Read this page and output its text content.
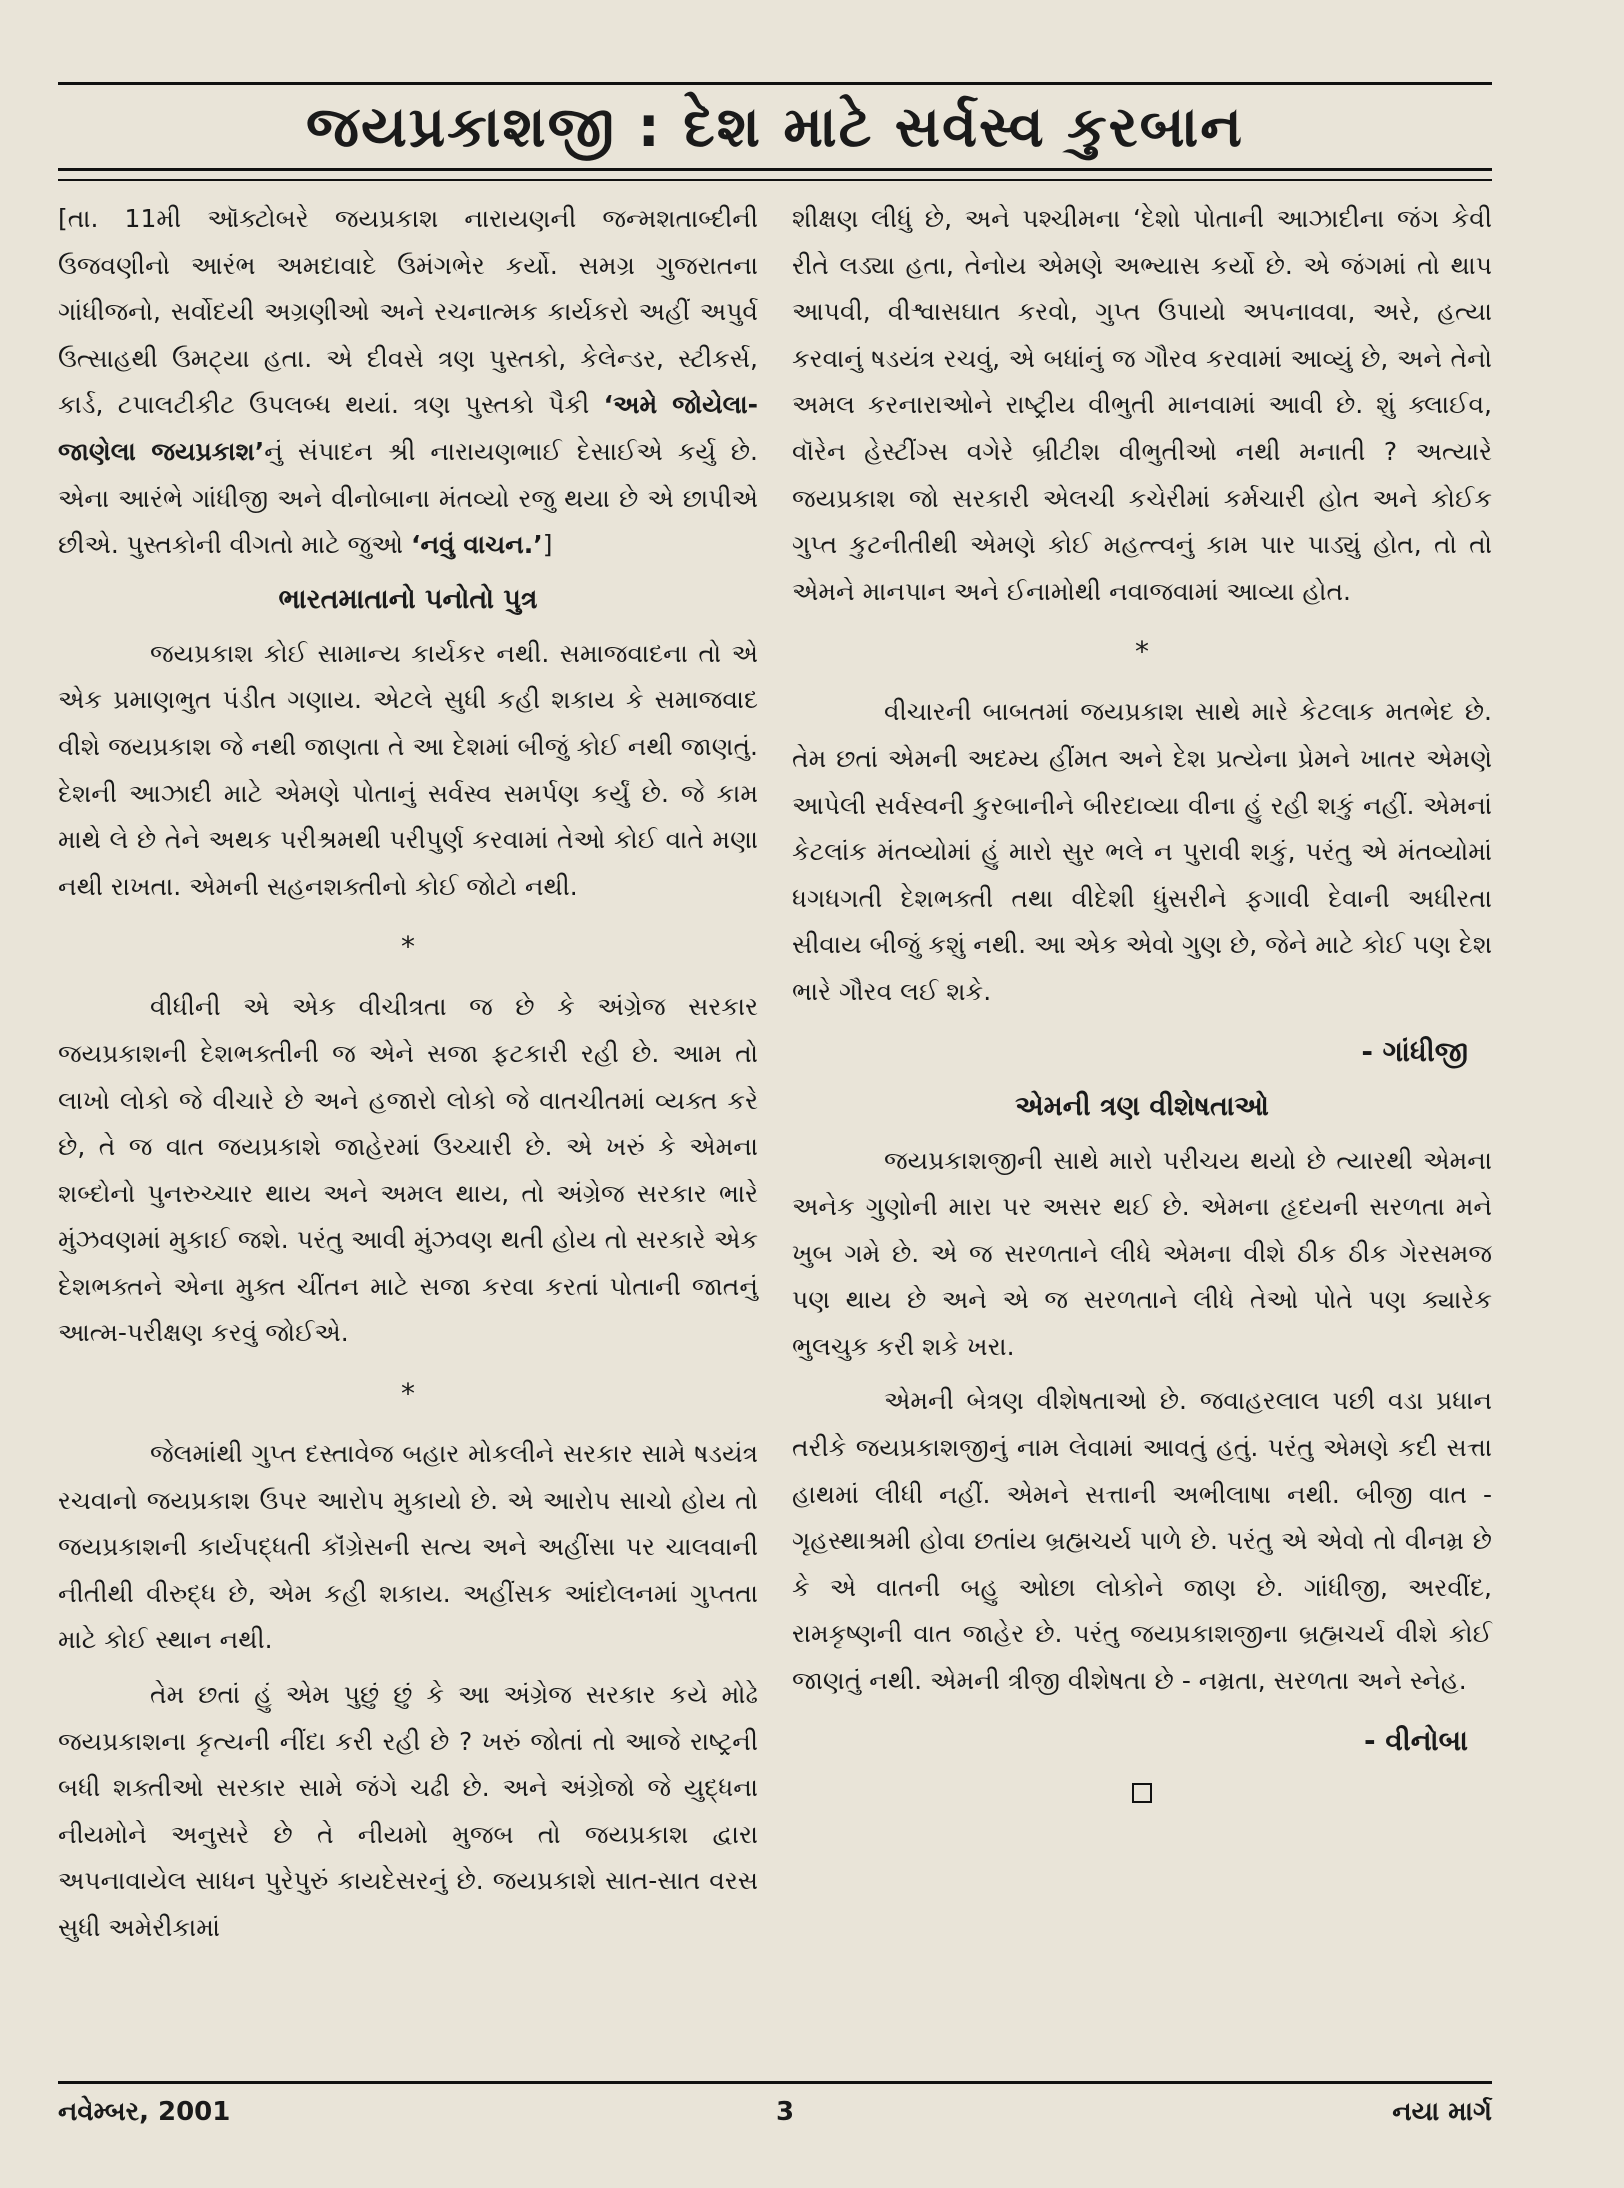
જયપ્રકાશજી : દેશ માટે સર્વસ્વ કુરબાન

[તા. 11મી ઑક્ટોબરે જયપ્રકાશ નારાયણની જન્મશતાબ્દીની ઉજવણીનો આરંભ અમદાવાદે ઉમંગભેર કર્યો. સમગ્ર ગુજરાતના ગાંધીજનો, સર્વોદયી અગ્રણીઓ અને રચનાત્મક કાર્યકરો અહીં અપુર્વ ઉત્સાહથી ઉમટ્યા હતા. એ દીવસે ત્રણ પુસ્તકો, કેલેન્ડર, સ્ટીકર્સ, કાર્ડ, ટપાલટીકીટ ઉપલબ્ધ થયાં. ત્રણ પુસ્તકો પૈકી ‘અમે જોયેલા-જાણેલા જયપ્રકાશ’નું સંપાદન શ્રી નારાયણભાઈ દેસાઈએ કર્યુ છે. એના આરંભે ગાંધીજી અને વીનોબાના મંતવ્યો રજુ થયા છે એ છાપીએ છીએ. પુસ્તકોની વીગતો માટે જુઓ ‘નવું વાચન.’]

ભારતમાતાનો પનોતો પુત્ર

જયપ્રકાશ કોઈ સામાન્ય કાર્યકર નથી. સમાજવાદના તો એ એક પ્રમાણભુત પંડીત ગણાય. એટલે સુધી કહી શકાય કે સમાજવાદ વીશે જયપ્રકાશ જે નથી જાણતા તે આ દેશમાં બીજું કોઈ નથી જાણતું. દેશની આઝાદી માટે એમણે પોતાનું સર્વસ્વ સમર્પણ કર્યું છે. જે કામ માથે લે છે તેને અથક પરીશ્રમથી પરીપુર્ણ કરવામાં તેઓ કોઈ વાતે મણા નથી રાખતા. એમની સહનશક્તીનો કોઈ જોટો નથી.

*

વીધીની એ એક વીચીત્રતા જ છે કે અંગ્રેજ સરકાર જયપ્રકાશની દેશભક્તીની જ એને સજા ફટકારી રહી છે. આમ તો લાખો લોકો જે વીચારે છે અને હજારો લોકો જે વાતચીતમાં વ્યક્ત કરે છે, તે જ વાત જયપ્રકાશે જાહેરમાં ઉચ્ચારી છે. એ ખરું કે એમના શબ્દોનો પુનરુચ્ચાર થાય અને અમલ થાય, તો અંગ્રેજ સરકાર ભારે મુંઝવણમાં મુકાઈ જશે. પરંતુ આવી મુંઝવણ થતી હોય તો સરકારે એક દેશભક્તને એના મુક્ત ચીંતન માટે સજા કરવા કરતાં પોતાની જાતનું આત્મ-પરીક્ષણ કરવું જોઈએ.

*

જેલમાંથી ગુપ્ત દસ્તાવેજ બહાર મોકલીને સરકાર સામે ષડયંત્ર રચવાનો જયપ્રકાશ ઉપર આરોપ મુકાયો છે. એ આરોપ સાચો હોય તો જયપ્રકાશની કાર્યપદ્ધતી કૉંગ્રેસની સત્ય અને અહીંસા પર ચાલવાની નીતીથી વીરુદ્ધ છે, એમ કહી શકાય. અહીંસક આંદોલનમાં ગુપ્તતા માટે કોઈ સ્થાન નથી.

તેમ છતાં હું એમ પુછું છું કે આ અંગ્રેજ સરકાર કયે મોઢે જયપ્રકાશના કૃત્યની નીંદા કરી રહી છે ? ખરું જોતાં તો આજે રાષ્ટ્રની બધી શક્તીઓ સરકાર સામે જંગે ચઢી છે. અને અંગ્રેજો જે યુદ્ધના નીયમોને અનુસરે છે તે નીયમો મુજબ તો જયપ્રકાશ દ્વારા અપનાવાયેલ સાધન પુરેપુરું કાયદેસરનું છે. જયપ્રકાશે સાત-સાત વરસ સુધી અમેરીકામાં

શીક્ષણ લીધું છે, અને પશ્ચીમના ‘દેશો પોતાની આઝાદીના જંગ કેવી રીતે લડ્યા હતા, તેનોય એમણે અભ્યાસ કર્યો છે. એ જંગમાં તો થાપ આપવી, વીશ્વાસઘાત કરવો, ગુપ્ત ઉપાયો અપનાવવા, અરે, હત્યા કરવાનું ષડયંત્ર રચવું, એ બધાંનું જ ગૌરવ કરવામાં આવ્યું છે, અને તેનો અમલ કરનારાઓને રાષ્ટ્રીય વીભુતી માનવામાં આવી છે. શું ક્લાઈવ, વૉરેન હેસ્ટીંગ્સ વગેરે બ્રીટીશ વીભુતીઓ નથી મનાતી ? અત્યારે જયપ્રકાશ જો સરકારી એલચી કચેરીમાં કર્મચારી હોત અને કોઈક ગુપ્ત કુટનીતીથી એમણે કોઈ મહત્ત્વનું કામ પાર પાડ્યું હોત, તો તો એમને માનપાન અને ઈનામોથી નવાજવામાં આવ્યા હોત.

*

વીચારની બાબતમાં જયપ્રકાશ સાથે મારે કેટલાક મતભેદ છે. તેમ છતાં એમની અદમ્ય હીંમત અને દેશ પ્રત્યેના પ્રેમને ખાતર એમણે આપેલી સર્વસ્વની કુરબાનીને બીરદાવ્યા વીના હું રહી શકું નહીં. એમનાં કેટલાંક મંતવ્યોમાં હું મારો સુર ભલે ન પુરાવી શકું, પરંતુ એ મંતવ્યોમાં ધગધગતી દેશભક્તી તથા વીદેશી ધુંસરીને ફગાવી દેવાની અધીરતા સીવાય બીજું કશું નથી. આ એક એવો ગુણ છે, જેને માટે કોઈ પણ દેશ ભારે ગૌરવ લઈ શકે.

- ગાંધીજી
એમની ત્રણ વીશેષતાઓ

જયપ્રકાશજીની સાથે મારો પરીચય થયો છે ત્યારથી એમના અનેક ગુણોની મારા પર અસર થઈ છે. એમના હૃદયની સરળતા મને ખુબ ગમે છે. એ જ સરળતાને લીધે એમના વીશે ઠીક ઠીક ગેરસમજ પણ થાય છે અને એ જ સરળતાને લીધે તેઓ પોતે પણ ક્યારેક ભુલચુક કરી શકે ખરા.

એમની બેત્રણ વીશેષતાઓ છે. જવાહરલાલ પછી વડા પ્રધાન તરીકે જયપ્રકાશજીનું નામ લેવામાં આવતું હતું. પરંતુ એમણે કદી સત્તા હાથમાં લીધી નહીં. એમને સત્તાની અભીલાષા નથી. બીજી વાત - ગૃહસ્થાશ્રમી હોવા છતાંય બ્રહ્મચર્ય પાળે છે. પરંતુ એ એવો તો વીનમ્ર છે કે એ વાતની બહુ ઓછા લોકોને જાણ છે. ગાંધીજી, અરવીંદ, રામકૃષ્ણની વાત જાહેર છે. પરંતુ જયપ્રકાશજીના બ્રહ્મચર્ય વીશે કોઈ જાણતું નથી. એમની ત્રીજી વીશેષતા છે - નમ્રતા, સરળતા અને સ્નેહ.

- વીનોબા
નવેમ્બર, 2001	3	નયા માર્ગ
